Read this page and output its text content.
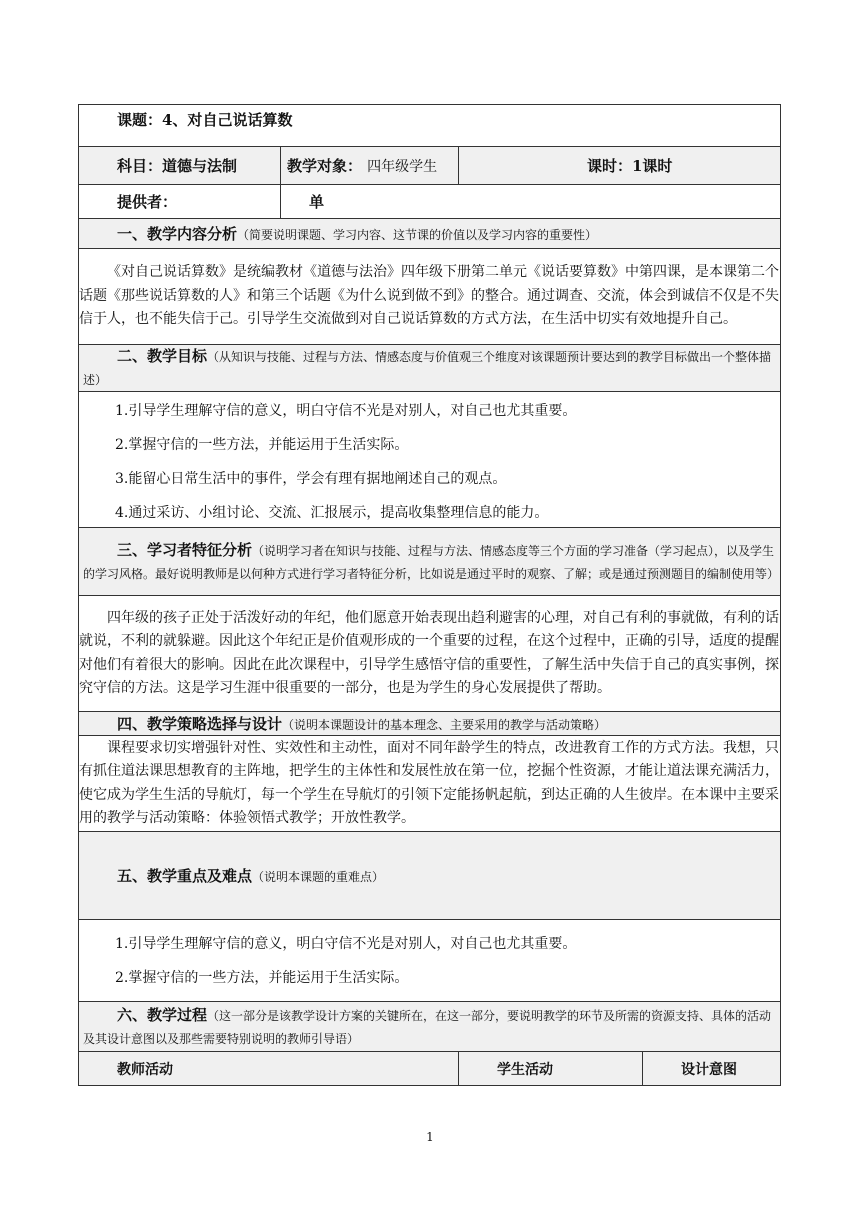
课题：4、对自己说话算数			
科目：道德与法制	教学对象： 四年级学生	课时：1课时	
提供者：	单		
一、教学内容分析（简要说明课题、学习内容、这节课的价值以及学习内容的重要性）			
《对自己说话算数》是统编教材《道德与法治》四年级下册第二单元《说话要算数》中第四课，是本课第二个话题《那些说话算数的人》和第三个话题《为什么说到做不到》的整合。通过调查、交流，体会到诚信不仅是不失信于人，也不能失信于己。引导学生交流做到对自己说话算数的方式方法，在生活中切实有效地提升自己。			
二、教学目标（从知识与技能、过程与方法、情感态度与价值观三个维度对该课题预计要达到的教学目标做出一个整体描述）			

1.引导学生理解守信的意义，明白守信不光是对别人，对自己也尤其重要。

2.掌握守信的一些方法，并能运用于生活实际。

3.能留心日常生活中的事件，学会有理有据地阐述自己的观点。

4.通过采访、小组讨论、交流、汇报展示，提高收集整理信息的能力。			

三、学习者特征分析（说明学习者在知识与技能、过程与方法、情感态度等三个方面的学习准备（学习起点），以及学生的学习风格。最好说明教师是以何种方式进行学习者特征分析，比如说是通过平时的观察、了解；或是通过预测题目的编制使用等）			
四年级的孩子正处于活泼好动的年纪，他们愿意开始表现出趋利避害的心理，对自己有利的事就做，有利的话就说，不利的就躲避。因此这个年纪正是价值观形成的一个重要的过程，在这个过程中，正确的引导，适度的提醒对他们有着很大的影响。因此在此次课程中，引导学生感悟守信的重要性，了解生活中失信于自己的真实事例，探究守信的方法。这是学习生涯中很重要的一部分，也是为学生的身心发展提供了帮助。			
四、教学策略选择与设计（说明本课题设计的基本理念、主要采用的教学与活动策略）			
课程要求切实增强针对性、实效性和主动性，面对不同年龄学生的特点，改进教育工作的方式方法。我想，只有抓住道法课思想教育的主阵地，把学生的主体性和发展性放在第一位，挖掘个性资源，才能让道法课充满活力，使它成为学生生活的导航灯，每一个学生在导航灯的引领下定能扬帆起航，到达正确的人生彼岸。在本课中主要采用的教学与活动策略：体验领悟式教学；开放性教学。			
五、教学重点及难点（说明本课题的重难点）			

1.引导学生理解守信的意义，明白守信不光是对别人，对自己也尤其重要。

2.掌握守信的一些方法，并能运用于生活实际。			

六、教学过程（这一部分是该教学设计方案的关键所在，在这一部分，要说明教学的环节及所需的资源支持、具体的活动及其设计意图以及那些需要特别说明的教师引导语）			
教师活动		学生活动	设计意图
1
